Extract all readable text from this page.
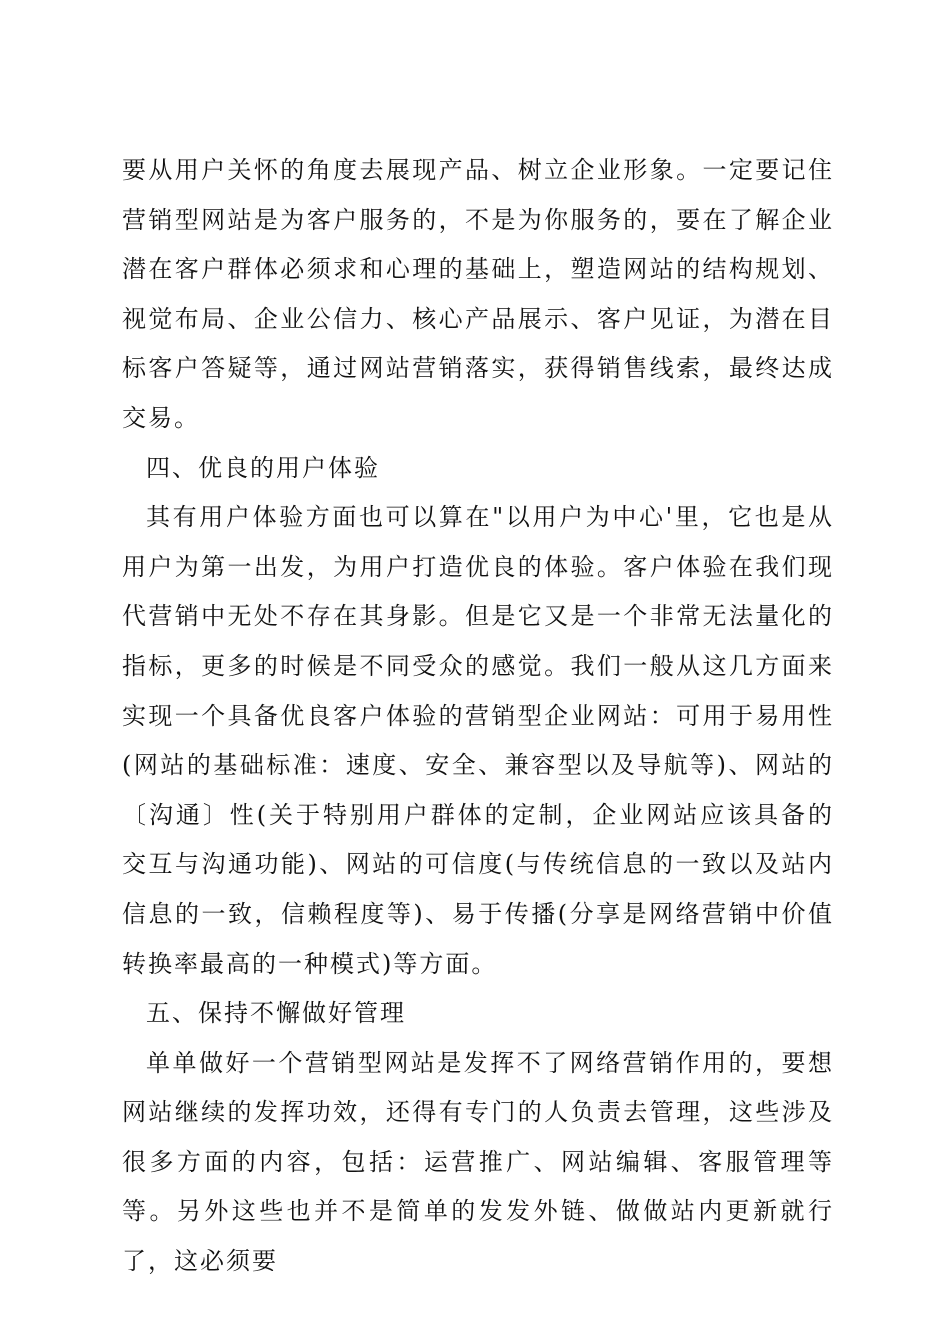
要从用户关怀的角度去展现产品、树立企业形象。一定要记住营销型网站是为客户服务的，不是为你服务的，要在了解企业潜在客户群体必须求和心理的基础上，塑造网站的结构规划、视觉布局、企业公信力、核心产品展示、客户见证，为潜在目标客户答疑等，通过网站营销落实，获得销售线索，最终达成交易。

四、优良的用户体验

其有用户体验方面也可以算在"以用户为中心'里，它也是从用户为第一出发，为用户打造优良的体验。客户体验在我们现代营销中无处不存在其身影。但是它又是一个非常无法量化的指标，更多的时候是不同受众的感觉。我们一般从这几方面来实现一个具备优良客户体验的营销型企业网站：可用于易用性(网站的基础标准：速度、安全、兼容型以及导航等)、网站的〔沟通〕性(关于特别用户群体的定制，企业网站应该具备的交互与沟通功能)、网站的可信度(与传统信息的一致以及站内信息的一致，信赖程度等)、易于传播(分享是网络营销中价值转换率最高的一种模式)等方面。

五、保持不懈做好管理

单单做好一个营销型网站是发挥不了网络营销作用的，要想网站继续的发挥功效，还得有专门的人负责去管理，这些涉及很多方面的内容，包括：运营推广、网站编辑、客服管理等等。另外这些也并不是简单的发发外链、做做站内更新就行了，这必须要
